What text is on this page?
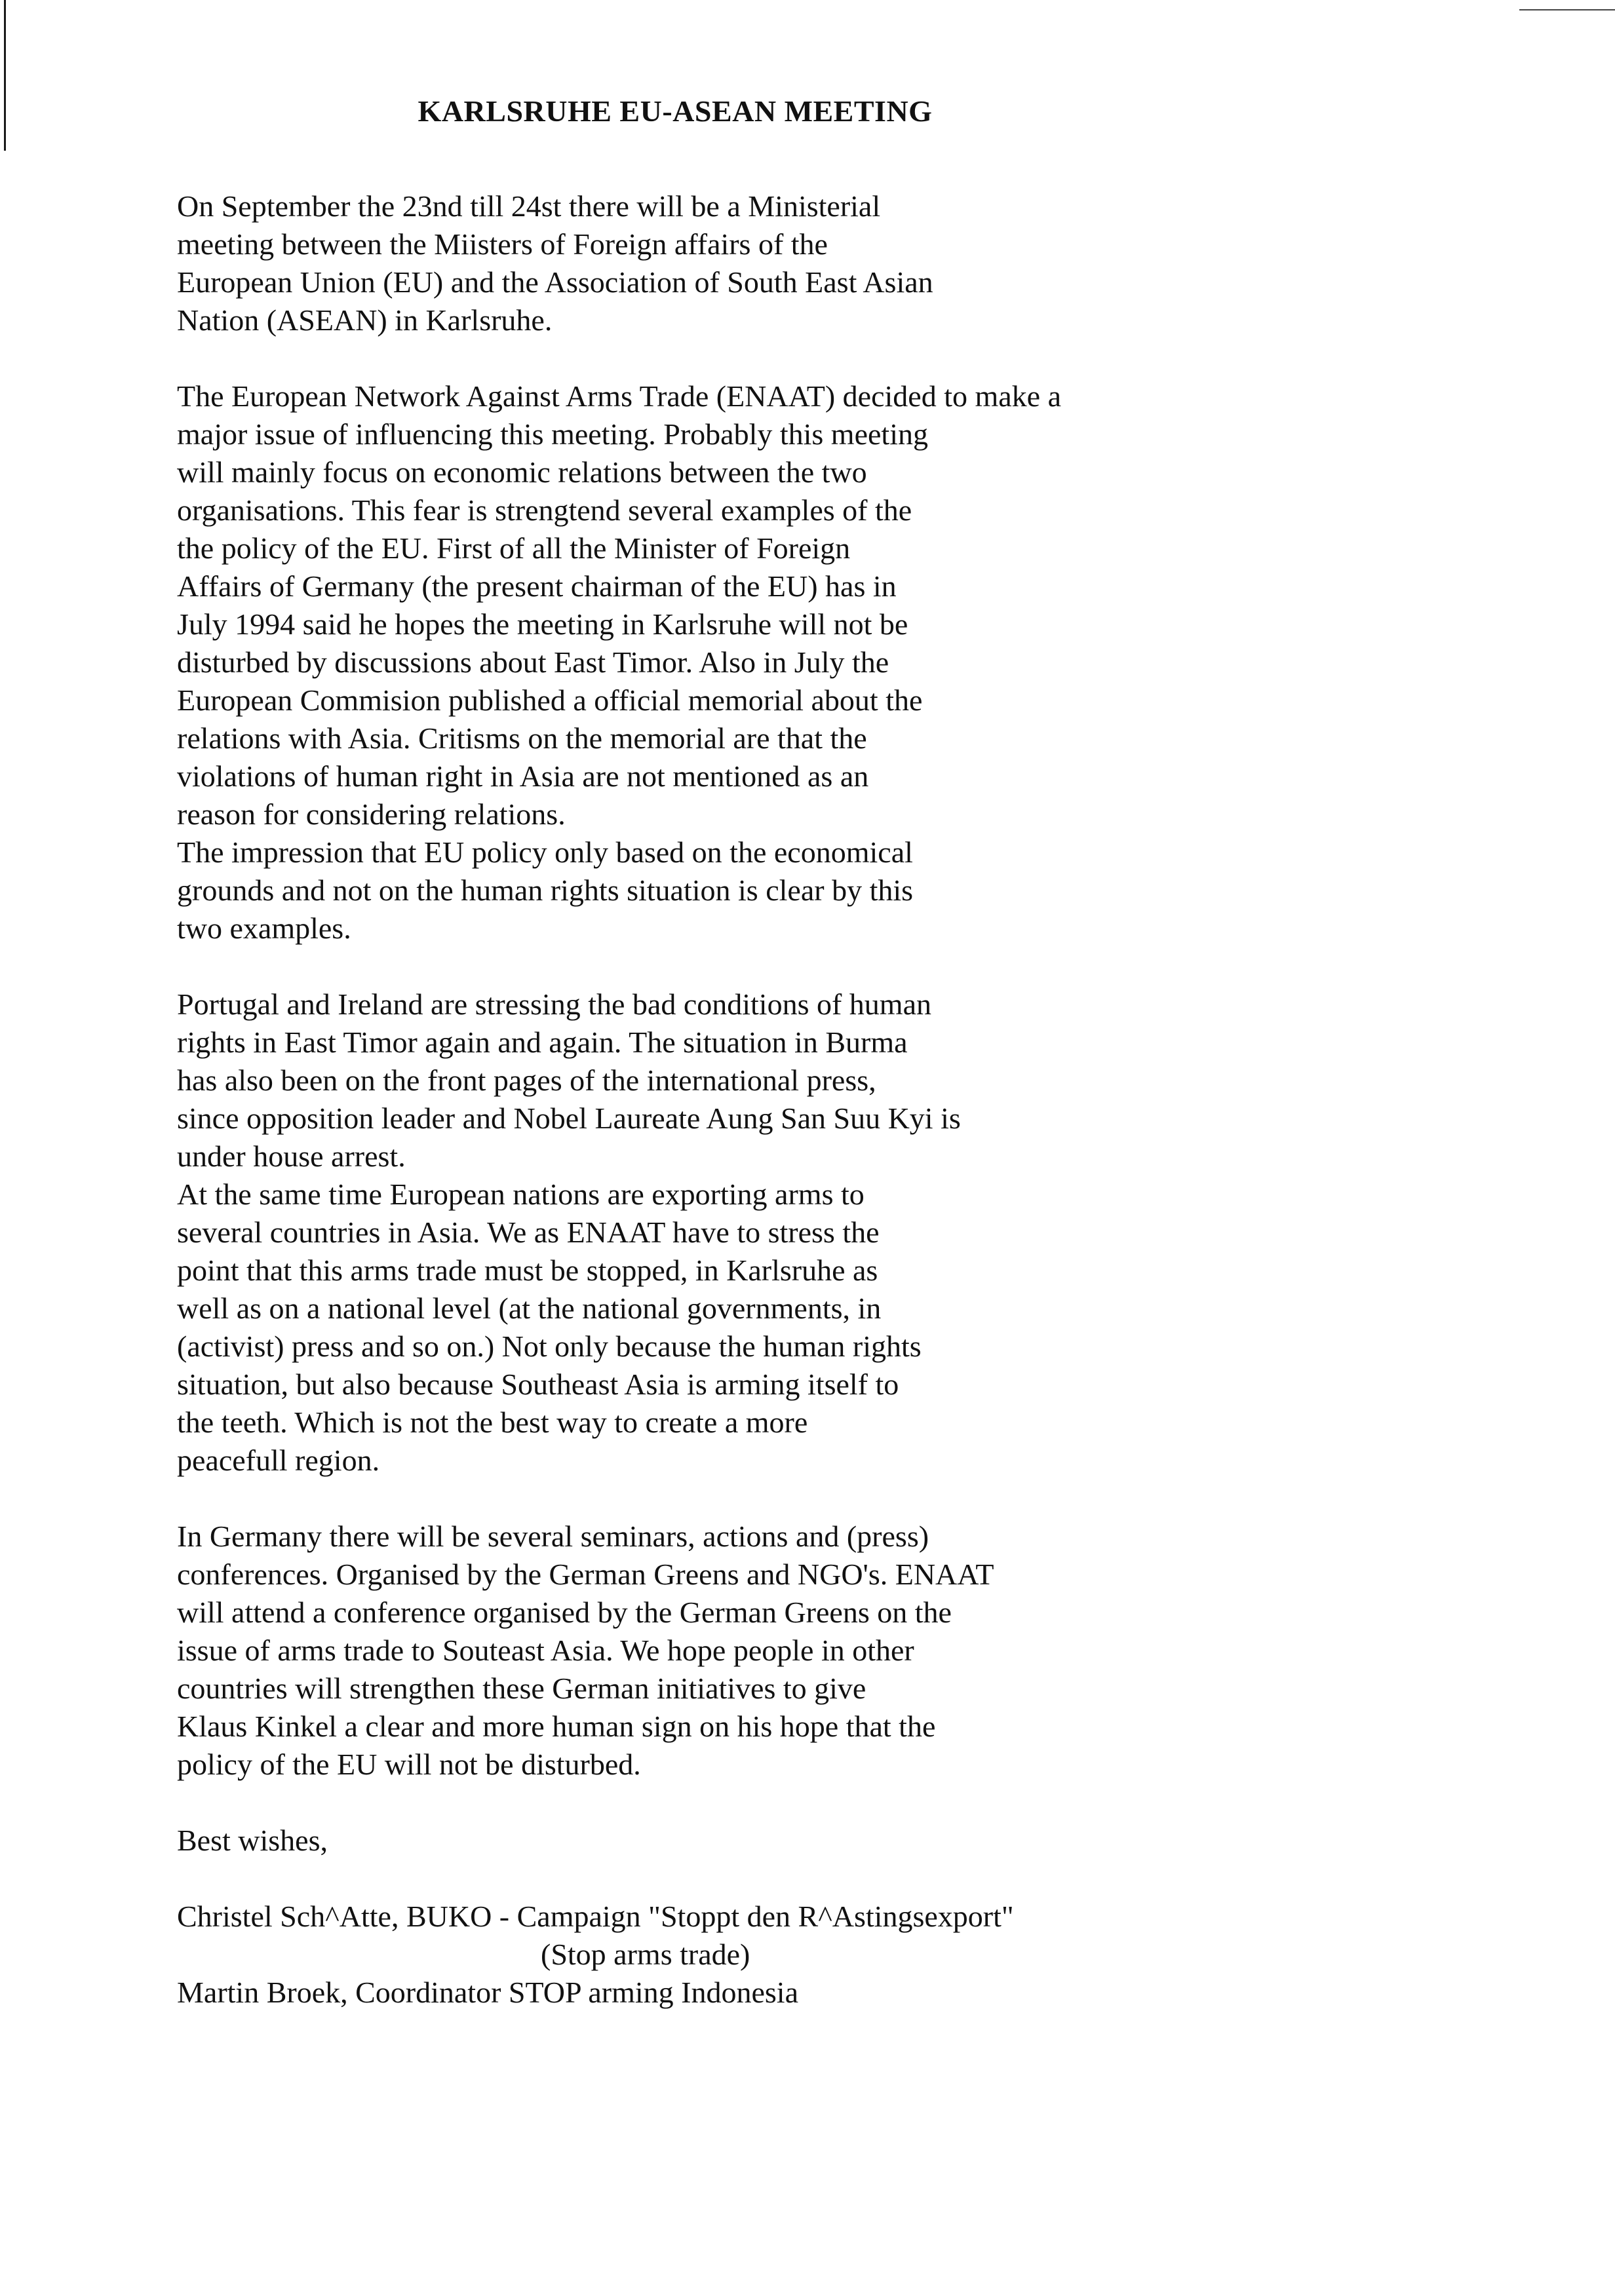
KARLSRUHE EU-ASEAN MEETING

On September the 23nd till 24st there will be a Ministerial
meeting between the Miisters of Foreign affairs of the
European Union (EU) and the Association of South East Asian
Nation (ASEAN) in Karlsruhe.

The European Network Against Arms Trade (ENAAT) decided to make a
major issue of influencing this meeting. Probably this meeting
will mainly focus on economic relations between the two
organisations. This fear is strengtend several examples of the
the policy of the EU. First of all the Minister of Foreign
Affairs of Germany (the present chairman of the EU) has in
July 1994 said he hopes the meeting in Karlsruhe will not be
disturbed by discussions about East Timor. Also in July the
European Commision published a official memorial about the
relations with Asia. Critisms on the memorial are that the
violations of human right in Asia are not mentioned as an
reason for considering relations.
The impression that EU policy only based on the economical
grounds and not on the human rights situation is clear by this
two examples.

Portugal and Ireland are stressing the bad conditions of human
rights in East Timor again and again. The situation in Burma
has also been on the front pages of the international press,
since opposition leader and Nobel Laureate Aung San Suu Kyi is
under house arrest.
At the same time European nations are exporting arms to
several countries in Asia. We as ENAAT have to stress the
point that this arms trade must be stopped, in Karlsruhe as
well as on a national level (at the national governments, in
(activist) press and so on.) Not only because the human rights
situation, but also because Southeast Asia is arming itself to
the teeth. Which is not the best way to create a more
peacefull region.

In Germany there will be several seminars, actions and (press)
conferences. Organised by the German Greens and NGO's. ENAAT
will attend a conference organised by the German Greens on the
issue of arms trade to Souteast Asia. We hope people in other
countries will strengthen these German initiatives to give
Klaus Kinkel a clear and more human sign on his hope that the
policy of the EU will not be disturbed.

Best wishes,

Christel Sch^Atte, BUKO - Campaign "Stoppt den R^Astingsexport"

(Stop arms trade)

Martin Broek, Coordinator STOP arming Indonesia
